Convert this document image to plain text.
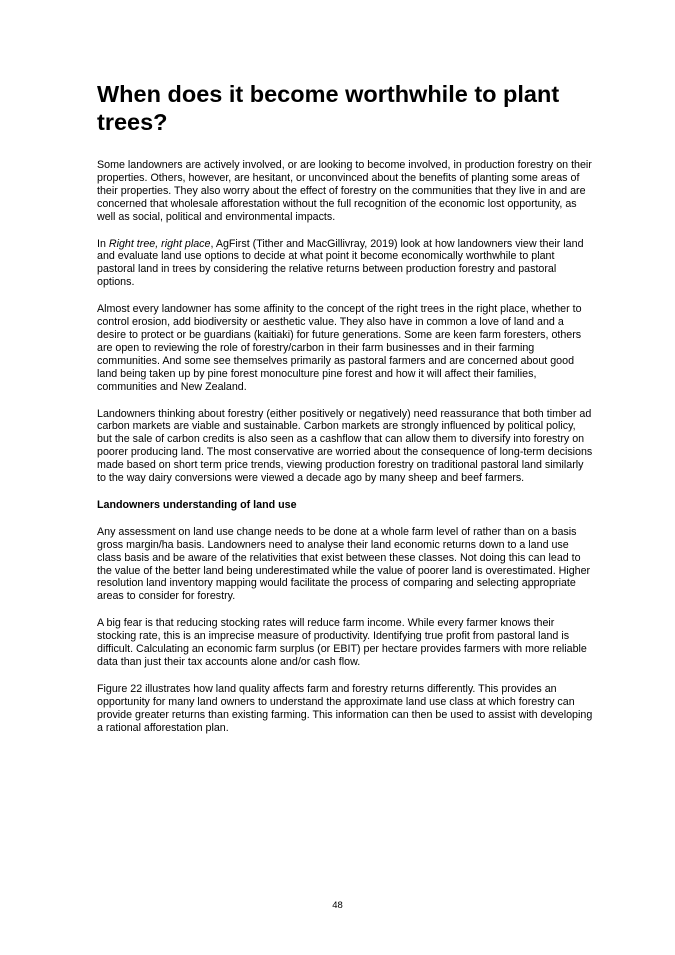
When does it become worthwhile to plant trees?

Some landowners are actively involved, or are looking to become involved, in production forestry on their properties. Others, however, are hesitant, or unconvinced about the benefits of planting some areas of their properties. They also worry about the effect of forestry on the communities that they live in and are concerned that wholesale afforestation without the full recognition of the economic lost opportunity, as well as social, political and environmental impacts.

In Right tree, right place, AgFirst (Tither and MacGillivray, 2019) look at how landowners view their land and evaluate land use options to decide at what point it become economically worthwhile to plant pastoral land in trees by considering the relative returns between production forestry and pastoral options.

Almost every landowner has some affinity to the concept of the right trees in the right place, whether to control erosion, add biodiversity or aesthetic value. They also have in common a love of land and a desire to protect or be guardians (kaitiaki) for future generations. Some are keen farm foresters, others are open to reviewing the role of forestry/carbon in their farm businesses and in their farming communities. And some see themselves primarily as pastoral farmers and are concerned about good land being taken up by pine forest monoculture pine forest and how it will affect their families, communities and New Zealand.

Landowners thinking about forestry (either positively or negatively) need reassurance that both timber ad carbon markets are viable and sustainable. Carbon markets are strongly influenced by political policy, but the sale of carbon credits is also seen as a cashflow that can allow them to diversify into forestry on poorer producing land. The most conservative are worried about the consequence of long-term decisions made based on short term price trends, viewing production forestry on traditional pastoral land similarly to the way dairy conversions were viewed a decade ago by many sheep and beef farmers.

Landowners understanding of land use

Any assessment on land use change needs to be done at a whole farm level of rather than on a basis gross margin/ha basis. Landowners need to analyse their land economic returns down to a land use class basis and be aware of the relativities that exist between these classes. Not doing this can lead to the value of the better land being underestimated while the value of poorer land is overestimated. Higher resolution land inventory mapping would facilitate the process of comparing and selecting appropriate areas to consider for forestry.

A big fear is that reducing stocking rates will reduce farm income. While every farmer knows their stocking rate, this is an imprecise measure of productivity. Identifying true profit from pastoral land is difficult. Calculating an economic farm surplus (or EBIT) per hectare provides farmers with more reliable data than just their tax accounts alone and/or cash flow.

Figure 22 illustrates how land quality affects farm and forestry returns differently. This provides an opportunity for many land owners to understand the approximate land use class at which forestry can provide greater returns than existing farming. This information can then be used to assist with developing a rational afforestation plan.

48
